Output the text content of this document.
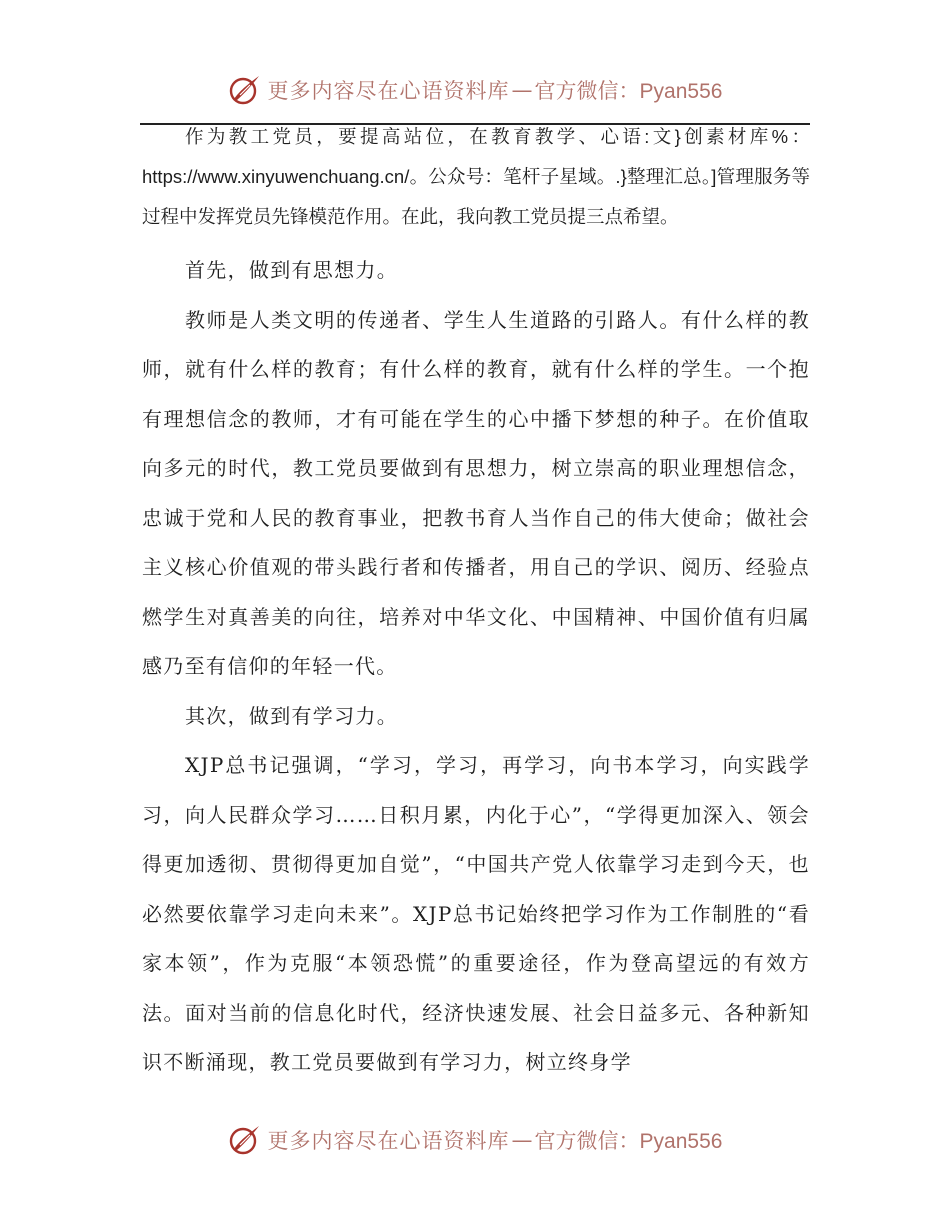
更多内容尽在心语资料库 — 官方微信：Pyan556

作为教工党员，要提高站位，在教育教学、心语:文}创素材库%：https://www.xinyuwenchuang.cn/。公众号：笔杆子星域。.}整理汇总。]管理服务等过程中发挥党员先锋模范作用。在此，我向教工党员提三点希望。

首先，做到有思想力。

教师是人类文明的传递者、学生人生道路的引路人。有什么样的教师，就有什么样的教育；有什么样的教育，就有什么样的学生。一个抱有理想信念的教师，才有可能在学生的心中播下梦想的种子。在价值取向多元的时代，教工党员要做到有思想力，树立崇高的职业理想信念，忠诚于党和人民的教育事业，把教书育人当作自己的伟大使命；做社会主义核心价值观的带头践行者和传播者，用自己的学识、阅历、经验点燃学生对真善美的向往，培养对中华文化、中国精神、中国价值有归属感乃至有信仰的年轻一代。

其次，做到有学习力。

XJP总书记强调，“学习，学习，再学习，向书本学习，向实践学习，向人民群众学习……日积月累，内化于心”，“学得更加深入、领会得更加透彻、贯彻得更加自觉”，“中国共产党人依靠学习走到今天，也必然要依靠学习走向未来”。XJP总书记始终把学习作为工作制胜的“看家本领”，作为克服“本领恐慌”的重要途径，作为登高望远的有效方法。面对当前的信息化时代，经济快速发展、社会日益多元、各种新知识不断涌现，教工党员要做到有学习力，树立终身学

更多内容尽在心语资料库 — 官方微信：Pyan556
